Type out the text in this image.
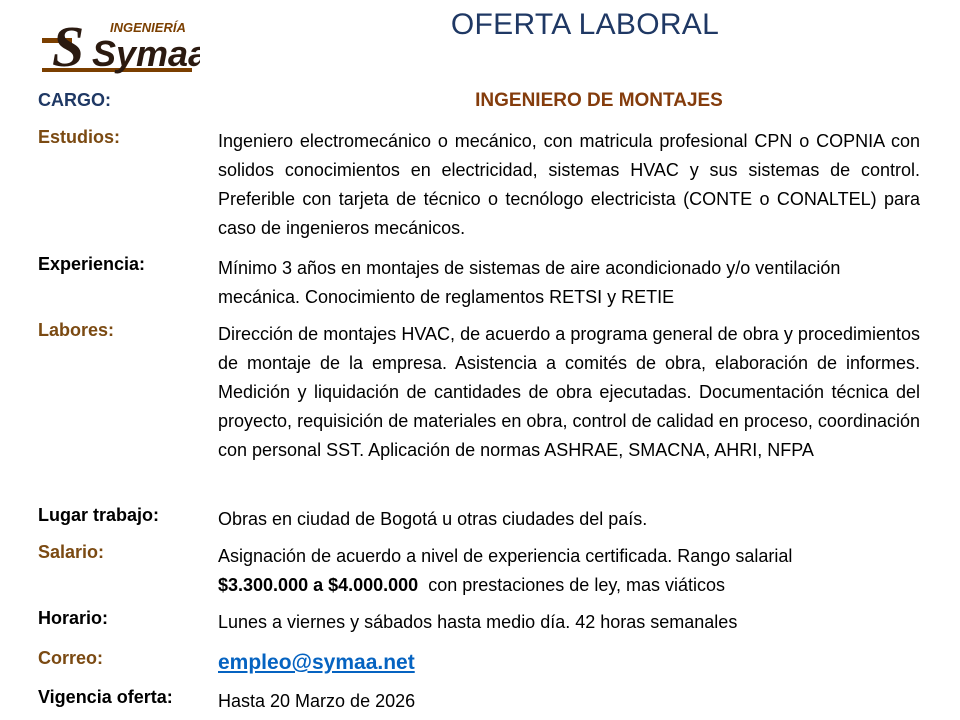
S Symaa
INGENIERÍA	OFERTA LABORAL
CARGO:	INGENIERO DE MONTAJES
Estudios:	Ingeniero electromecánico o mecánico, con matricula profesional CPN o COPNIA con solidos conocimientos en electricidad, sistemas HVAC y sus sistemas de control. Preferible con tarjeta de técnico o tecnólogo electricista (CONTE o CONALTEL) para caso de ingenieros mecánicos.
Experiencia:	Mínimo 3 años en montajes de sistemas de aire acondicionado y/o ventilación mecánica. Conocimiento de reglamentos RETSI y RETIE
Labores:	Dirección de montajes HVAC, de acuerdo a programa general de obra y procedimientos de montaje de la empresa. Asistencia a comités de obra, elaboración de informes. Medición y liquidación de cantidades de obra ejecutadas. Documentación técnica del proyecto, requisición de materiales en obra, control de calidad en proceso, coordinación con personal SST. Aplicación de normas ASHRAE, SMACNA, AHRI, NFPA
Lugar trabajo:	Obras en ciudad de Bogotá u otras ciudades del país.
Salario:	Asignación de acuerdo a nivel de experiencia certificada. Rango salarial
$3.300.000 a $4.000.000 con prestaciones de ley, mas viáticos
Horario:	Lunes a viernes y sábados hasta medio día. 42 horas semanales
Correo:	empleo@symaa.net
Vigencia oferta:	Hasta 20 Marzo de 2026
